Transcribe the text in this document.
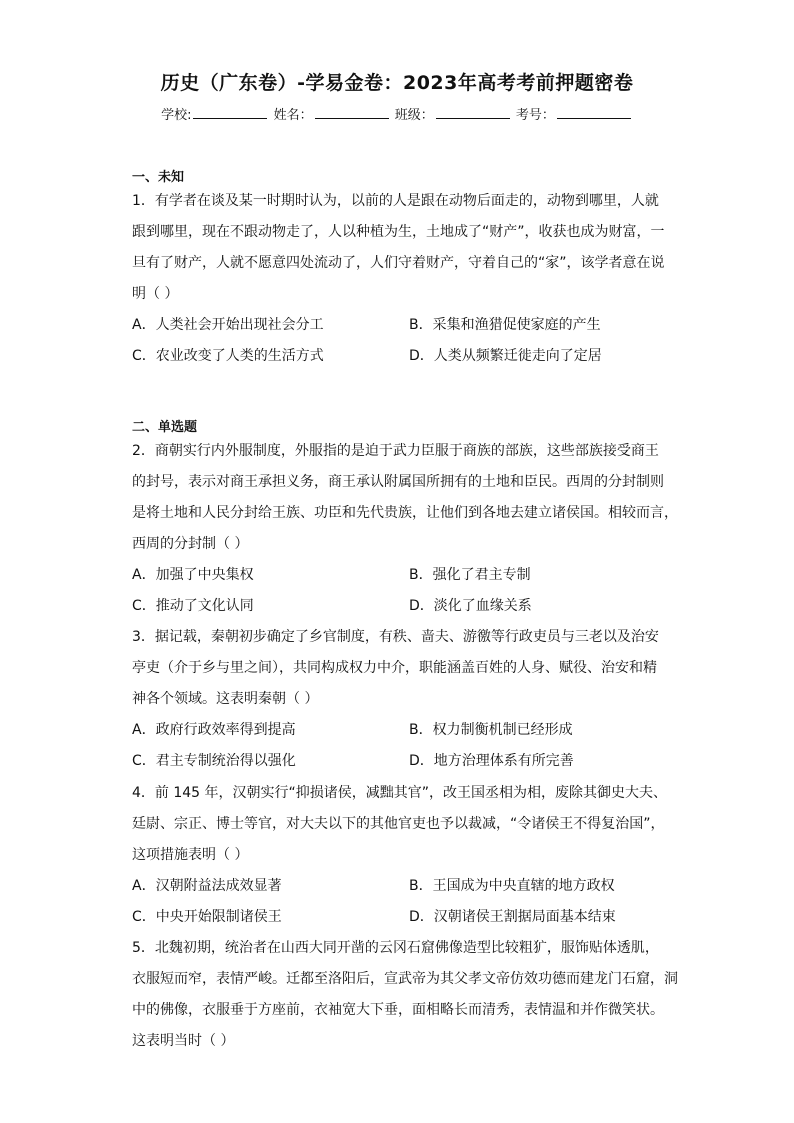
历史（广东卷）-学易金卷：2023年高考考前押题密卷
学校:	姓名：	班级：	考号：
一、未知
1．有学者在谈及某一时期时认为，以前的人是跟在动物后面走的，动物到哪里，人就
跟到哪里，现在不跟动物走了，人以种植为生，土地成了“财产”，收获也成为财富，一
旦有了财产，人就不愿意四处流动了，人们守着财产，守着自己的“家”，该学者意在说
明（ ）
A．人类社会开始出现社会分工	B．采集和渔猎促使家庭的产生
C．农业改变了人类的生活方式	D．人类从频繁迁徙走向了定居
二、单选题
2．商朝实行内外服制度，外服指的是迫于武力臣服于商族的部族，这些部族接受商王
的封号，表示对商王承担义务，商王承认附属国所拥有的土地和臣民。西周的分封制则
是将土地和人民分封给王族、功臣和先代贵族，让他们到各地去建立诸侯国。相较而言，
西周的分封制（ ）
A．加强了中央集权	B．强化了君主专制
C．推动了文化认同	D．淡化了血缘关系
3．据记载，秦朝初步确定了乡官制度，有秩、啬夫、游徼等行政吏员与三老以及治安
亭吏（介于乡与里之间），共同构成权力中介，职能涵盖百姓的人身、赋役、治安和精
神各个领域。这表明秦朝（ ）
A．政府行政效率得到提高	B．权力制衡机制已经形成
C．君主专制统治得以强化	D．地方治理体系有所完善
4．前 145 年，汉朝实行“抑损诸侯，减黜其官”，改王国丞相为相，废除其御史大夫、
廷尉、宗正、博士等官，对大夫以下的其他官吏也予以裁减，“令诸侯王不得复治国”，
这项措施表明（ ）
A．汉朝附益法成效显著	B．王国成为中央直辖的地方政权
C．中央开始限制诸侯王	D．汉朝诸侯王割据局面基本结束
5．北魏初期，统治者在山西大同开凿的云冈石窟佛像造型比较粗犷，服饰贴体透肌，
衣服短而窄，表情严峻。迁都至洛阳后，宣武帝为其父孝文帝仿效功德而建龙门石窟，洞
中的佛像，衣服垂于方座前，衣袖宽大下垂，面相略长而清秀，表情温和并作微笑状。
这表明当时（ ）
